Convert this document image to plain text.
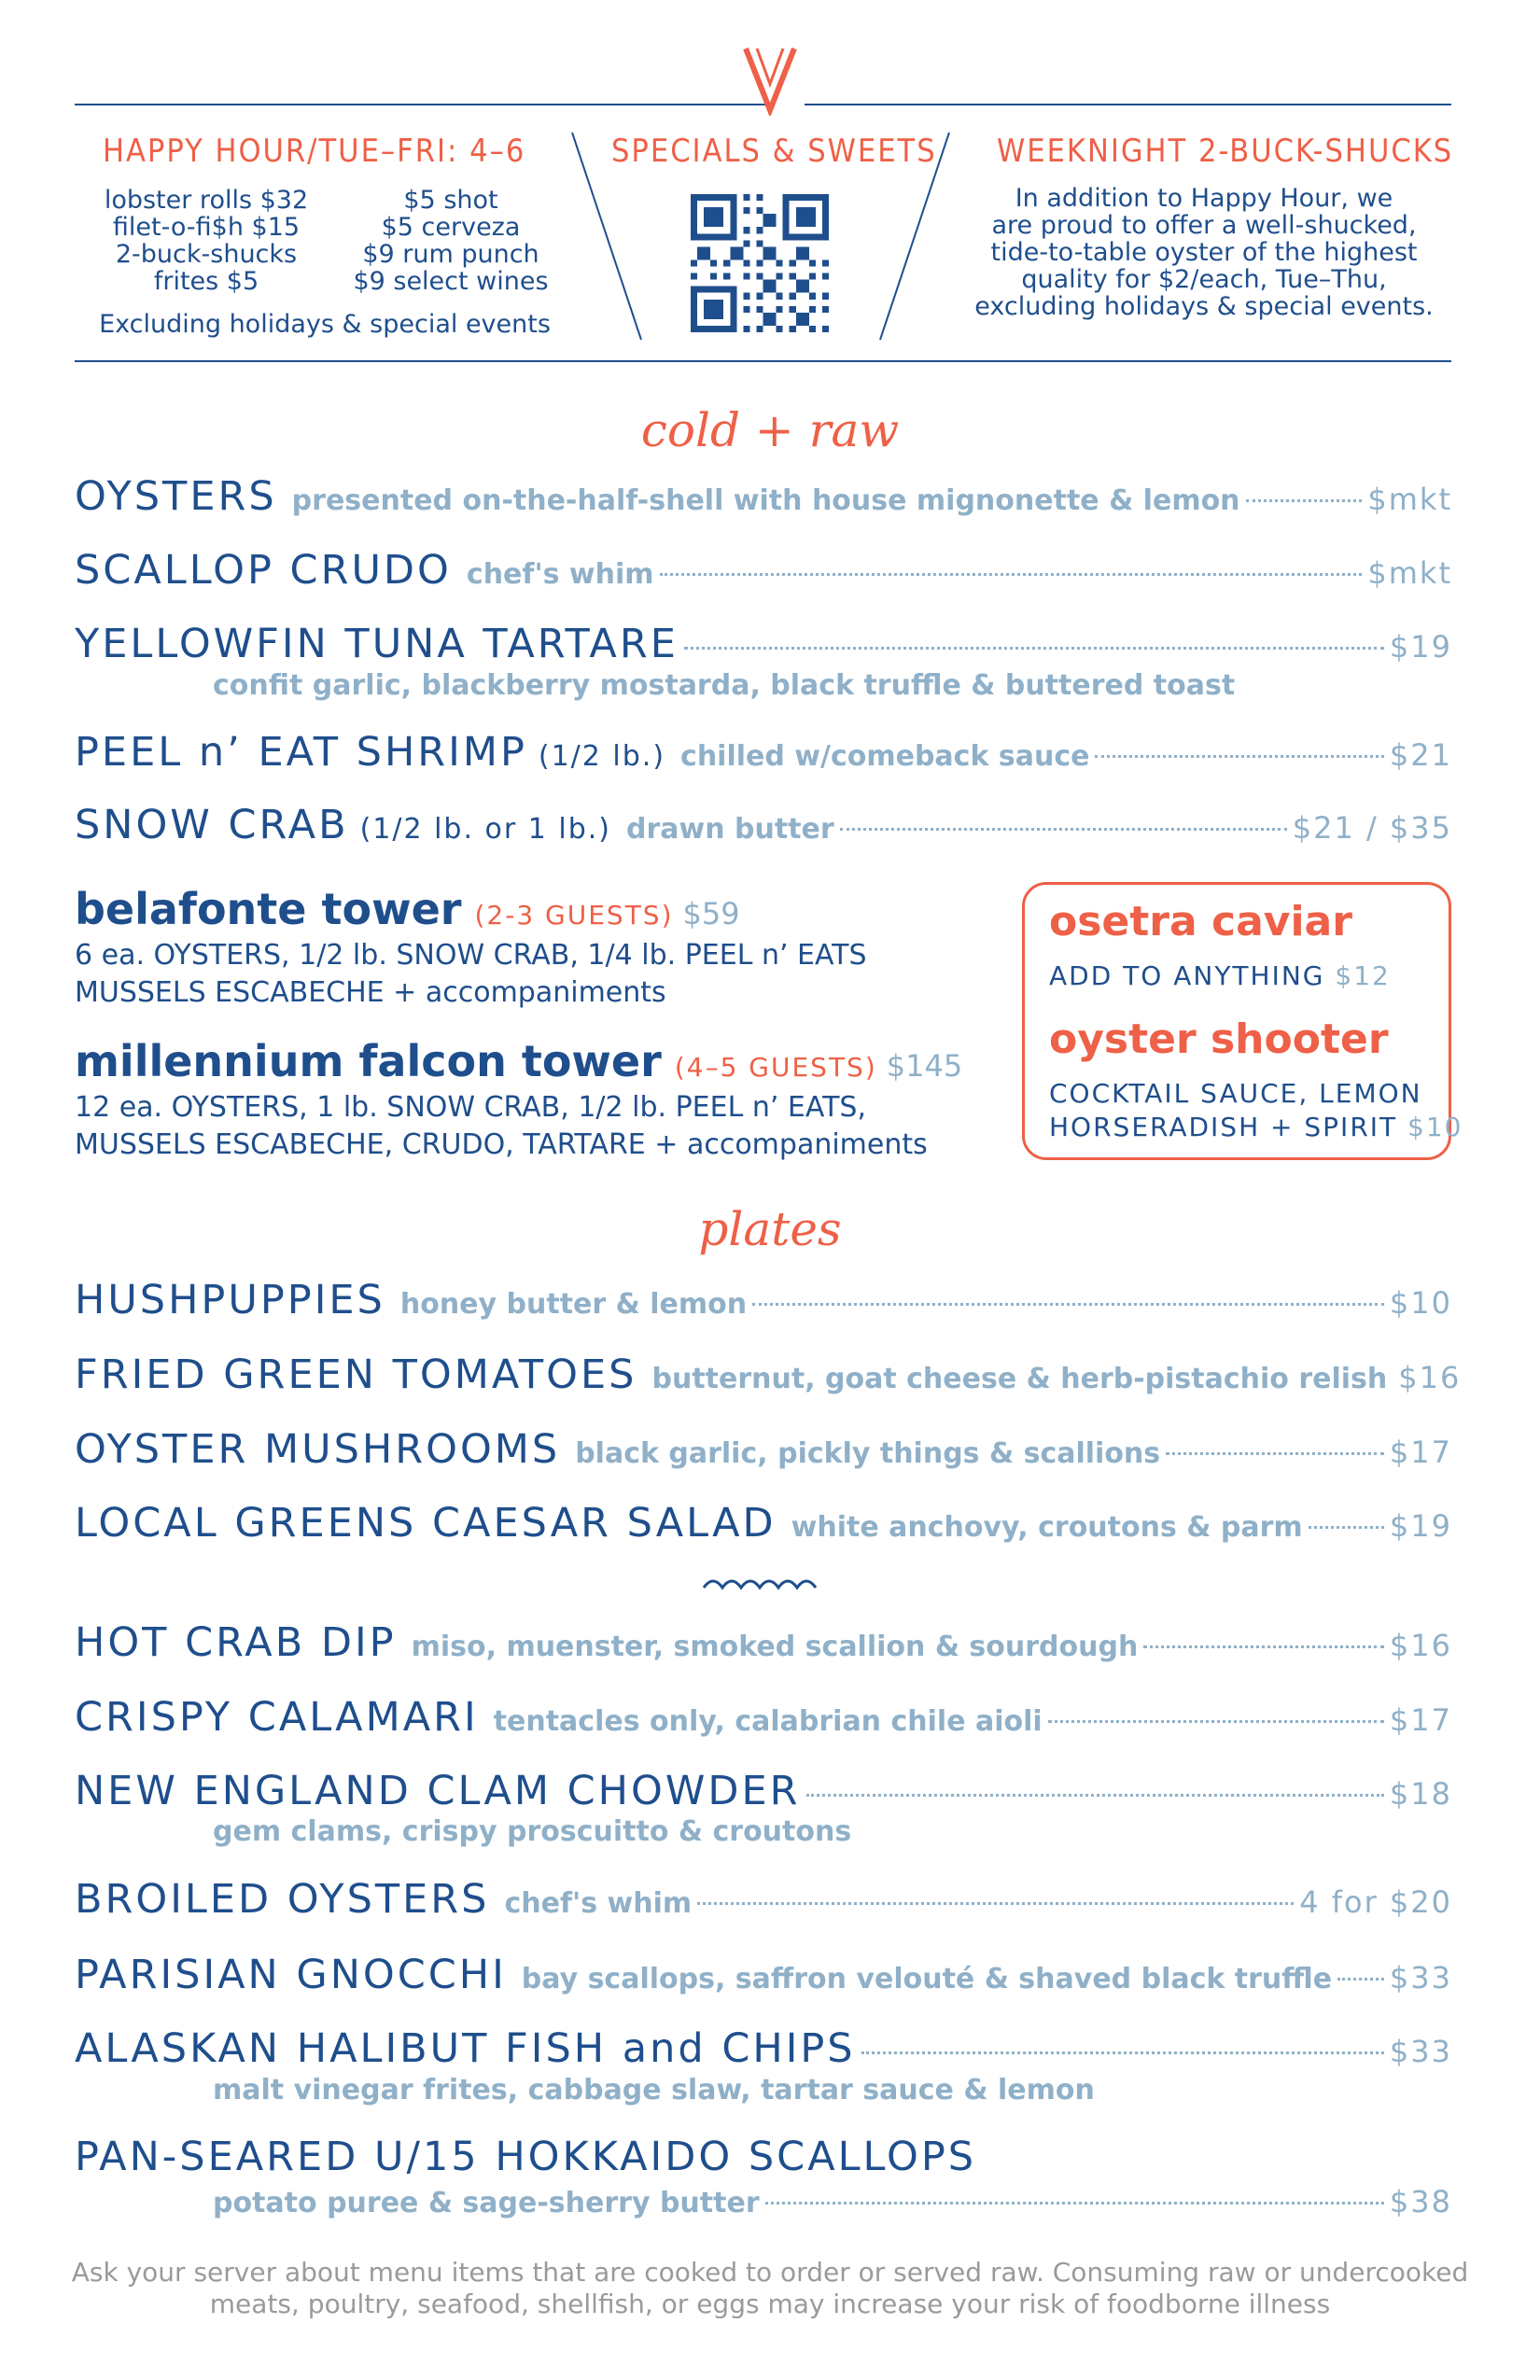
HAPPY HOUR/TUE–FRI: 4–6
lobster rolls $32
filet-o-fi$h $15
2-buck-shucks
frites $5
$5 shot
$5 cerveza
$9 rum punch
$9 select wines
Excluding holidays & special events
SPECIALS & SWEETS WEEKNIGHT 2-BUCK-SHUCKS
In addition to Happy Hour, we
are proud to offer a well-shucked,
tide-to-table oyster of the highest
quality for $2/each, Tue–Thu,
excluding holidays & special events.
cold + raw
OYSTERS presented on-the-half-shell with house mignonette & lemon	$mkt
SCALLOP CRUDO chef's whim	$mkt
YELLOWFIN TUNA TARTARE	$19
confit garlic, blackberry mostarda, black truffle & buttered toast
PEEL n’ EAT SHRIMP (1/2 lb.) chilled w/comeback sauce	$21
SNOW CRAB (1/2 lb. or 1 lb.) drawn butter	$21 / $35
belafonte tower (2-3 GUESTS) $59
6 ea. OYSTERS, 1/2 lb. SNOW CRAB, 1/4 lb. PEEL n’ EATS
MUSSELS ESCABECHE + accompaniments
millennium falcon tower (4–5 GUESTS) $145
12 ea. OYSTERS, 1 lb. SNOW CRAB, 1/2 lb. PEEL n’ EATS,
MUSSELS ESCABECHE, CRUDO, TARTARE + accompaniments
osetra caviar
ADD TO ANYTHING $12
oyster shooter
COCKTAIL SAUCE, LEMON
HORSERADISH + SPIRIT $10
plates
HUSHPUPPIES honey butter & lemon	$10
FRIED GREEN TOMATOES butternut, goat cheese & herb-pistachio relish $16
OYSTER MUSHROOMS black garlic, pickly things & scallions	$17
LOCAL GREENS CAESAR SALAD white anchovy, croutons & parm	$19
HOT CRAB DIP miso, muenster, smoked scallion & sourdough	$16
CRISPY CALAMARI tentacles only, calabrian chile aioli	$17
NEW ENGLAND CLAM CHOWDER	$18
gem clams, crispy proscuitto & croutons
BROILED OYSTERS chef's whim	4 for $20
PARISIAN GNOCCHI bay scallops, saffron velouté & shaved black truffle $33
ALASKAN HALIBUT FISH and CHIPS	$33
malt vinegar frites, cabbage slaw, tartar sauce & lemon
PAN-SEARED U/15 HOKKAIDO SCALLOPS
potato puree & sage-sherry butter	$38
Ask your server about menu items that are cooked to order or served raw. Consuming raw or undercooked
meats, poultry, seafood, shellfish, or eggs may increase your risk of foodborne illness
